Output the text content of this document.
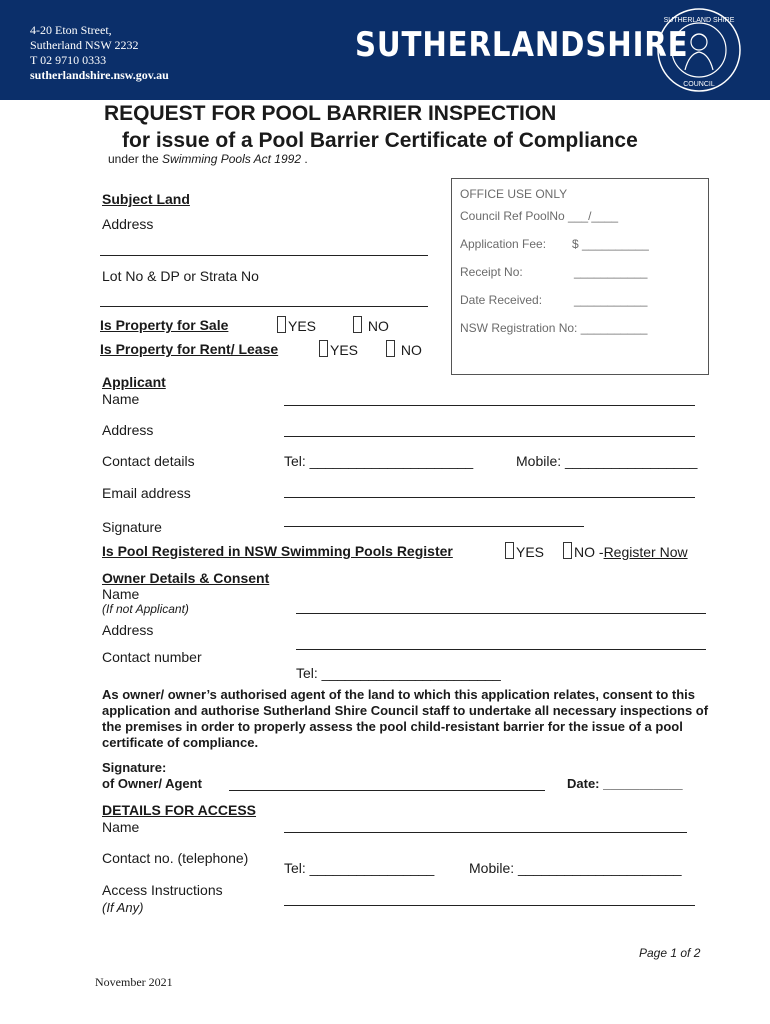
4-20 Eton Street,
Sutherland NSW 2232
T 02 9710 0333
sutherlandshire.nsw.gov.au
SUTHERLANDSHIRE
SUTHERLAND SHIRE
COUNCIL
REQUEST FOR POOL BARRIER INSPECTION
for issue of a Pool Barrier Certificate of Compliance
under the Swimming Pools Act 1992 .
OFFICE USE ONLY
Council Ref PoolNo ___/____
Application Fee: $ __________
Receipt No:	___________
Date Received:	___________
NSW Registration No: __________
Subject Land
Address
Lot No & DP or Strata No
Is Property for Sale	YES	NO
Is Property for Rent/ Lease	YES	NO
Applicant
Name
Address
Contact details	Tel: _____________________	Mobile: _________________
Email address
Signature
Is Pool Registered in NSW Swimming Pools Register	YES	NO -Register Now
Owner Details & Consent
Name
(If not Applicant)
Address
Contact number
Tel: _______________________
As owner/ owner’s authorised agent of the land to which this application relates, consent to this application and authorise Sutherland Shire Council staff to undertake all necessary inspections of the premises in order to properly assess the pool child-resistant barrier for the issue of a pool certificate of compliance.
Signature:
of Owner/ Agent	Date: ___________
DETAILS FOR ACCESS
Name
Contact no. (telephone)
Tel: ________________ Mobile: _____________________
Access Instructions
(If Any)
Page 1 of 2
November 2021
